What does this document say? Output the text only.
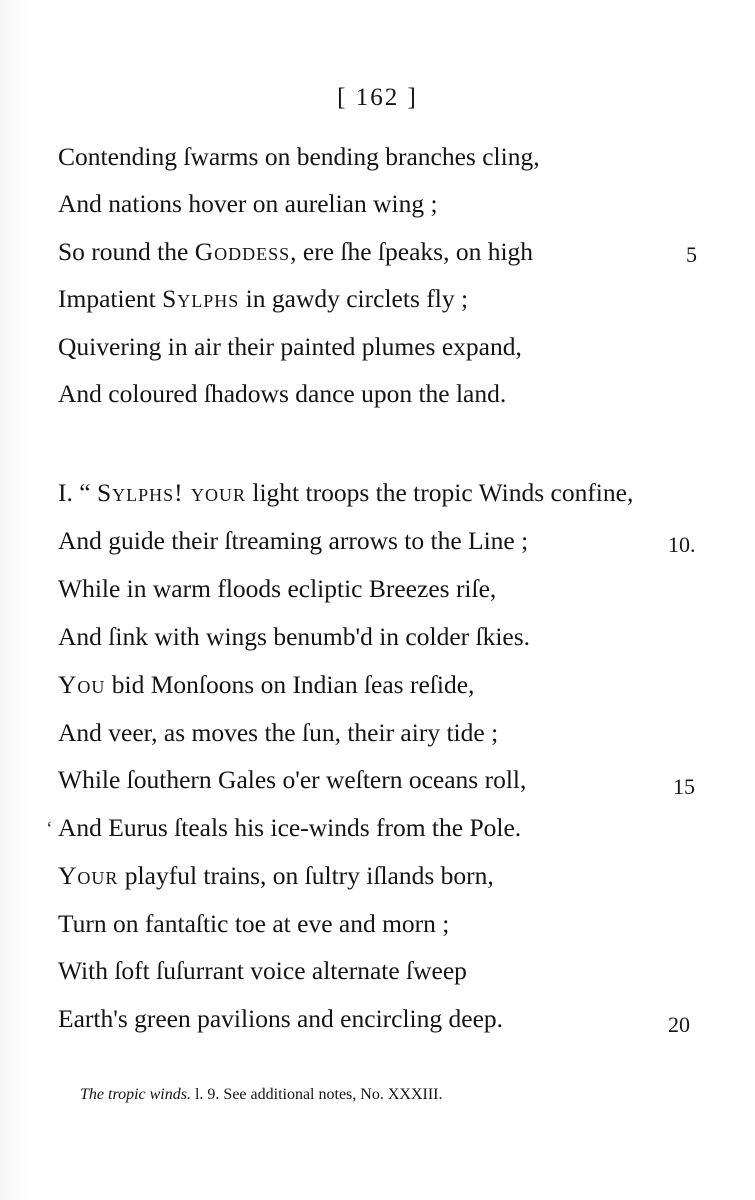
[ 162 ]
Contending ſwarms on bending branches cling,
And nations hover on aurelian wing ;
So round the Goddess, ere ſhe ſpeaks, on high	5
Impatient Sylphs in gawdy circlets fly ;
Quivering in air their painted plumes expand,
And coloured ſhadows dance upon the land.
I. “ Sylphs! your light troops the tropic Winds confine,
And guide their ſtreaming arrows to the Line ;	10.
While in warm floods ecliptic Breezes riſe,
And ſink with wings benumb'd in colder ſkies.
You bid Monſoons on Indian ſeas reſide,
And veer, as moves the ſun, their airy tide ;
While ſouthern Gales o'er weſtern oceans roll,	15
‘ And Eurus ſteals his ice-winds from the Pole.
Your playful trains, on ſultry iſlands born,
Turn on fantaſtic toe at eve and morn ;
With ſoft ſuſurrant voice alternate ſweep
Earth's green pavilions and encircling deep.	20
The tropic winds. l. 9. See additional notes, No. XXXIII.
